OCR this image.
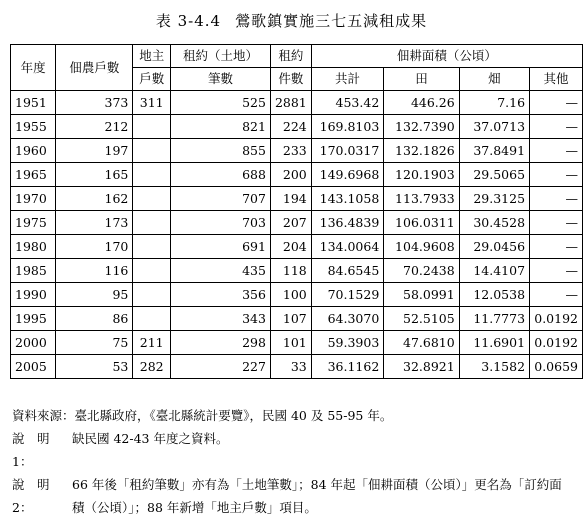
表 3-4.4 鶯歌鎮實施三七五減租成果
年度	佃農戶數	地主	租約（土地）	租約	佃耕面積（公頃）			
		戶數	筆數	件數	共計	田	畑	其他
1951	373	311	525	2881	453.42	446.26	7.16	—
1955	212		821	224	169.8103	132.7390	37.0713	—
1960	197		855	233	170.0317	132.1826	37.8491	—
1965	165		688	200	149.6968	120.1903	29.5065	—
1970	162		707	194	143.1058	113.7933	29.3125	—
1975	173		703	207	136.4839	106.0311	30.4528	—
1980	170		691	204	134.0064	104.9608	29.0456	—
1985	116		435	118	84.6545	70.2438	14.4107	—
1990	95		356	100	70.1529	58.0991	12.0538	—
1995	86		343	107	64.3070	52.5105	11.7773	0.0192
2000	75	211	298	101	59.3903	47.6810	11.6901	0.0192
2005	53	282	227	33	36.1162	32.8921	3.1582	0.0659
資料來源：臺北縣政府，《臺北縣統計要覽》，民國 40 及 55-95 年。
說　明 1：
缺民國 42-43 年度之資料。
說　明 2：
66 年後「租約筆數」亦有為「土地筆數」；84 年起「佃耕面積（公頃）」更名為「訂約面積（公頃）」；88 年新增「地主戶數」項目。
